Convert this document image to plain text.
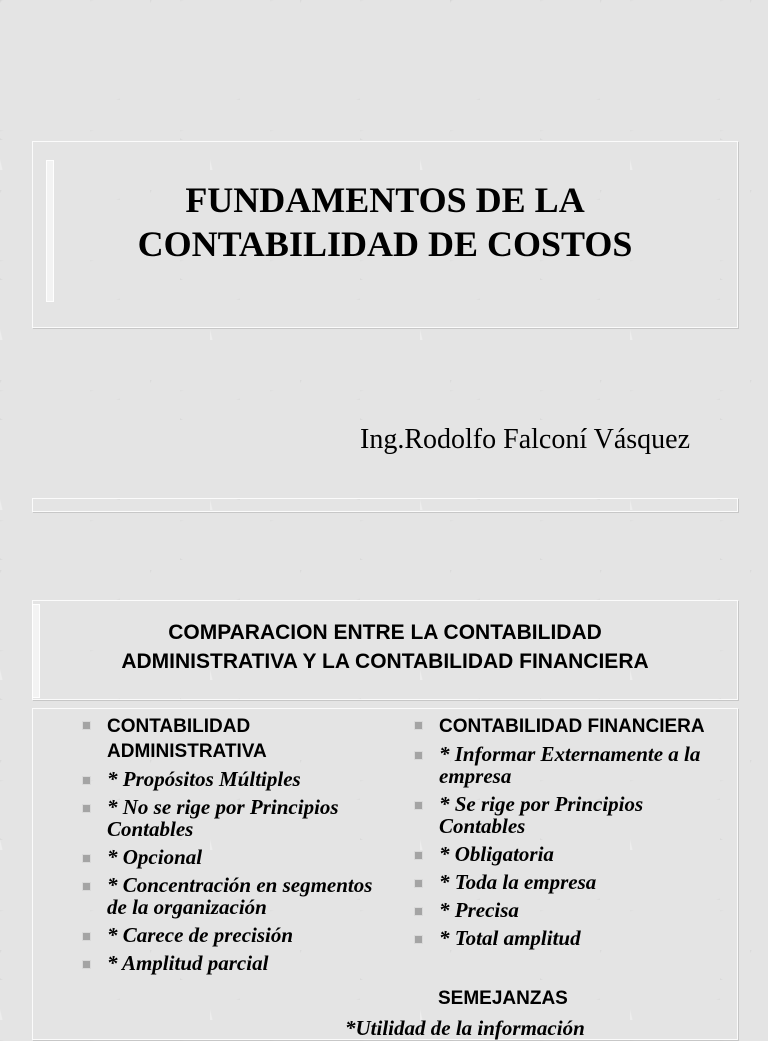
FUNDAMENTOS DE LA
CONTABILIDAD DE COSTOS
Ing.Rodolfo Falconí Vásquez
COMPARACION ENTRE LA CONTABILIDAD
ADMINISTRATIVA Y LA CONTABILIDAD FINANCIERA
CONTABILIDAD ADMINISTRATIVA
* Propósitos Múltiples
* No se rige por Principios Contables
* Opcional
* Concentración en segmentos de la organización
* Carece de precisión
* Amplitud parcial
CONTABILIDAD FINANCIERA
* Informar Externamente a la empresa
* Se rige por Principios Contables
* Obligatoria
* Toda la empresa
* Precisa
* Total amplitud
SEMEJANZAS
*Utilidad de la información
